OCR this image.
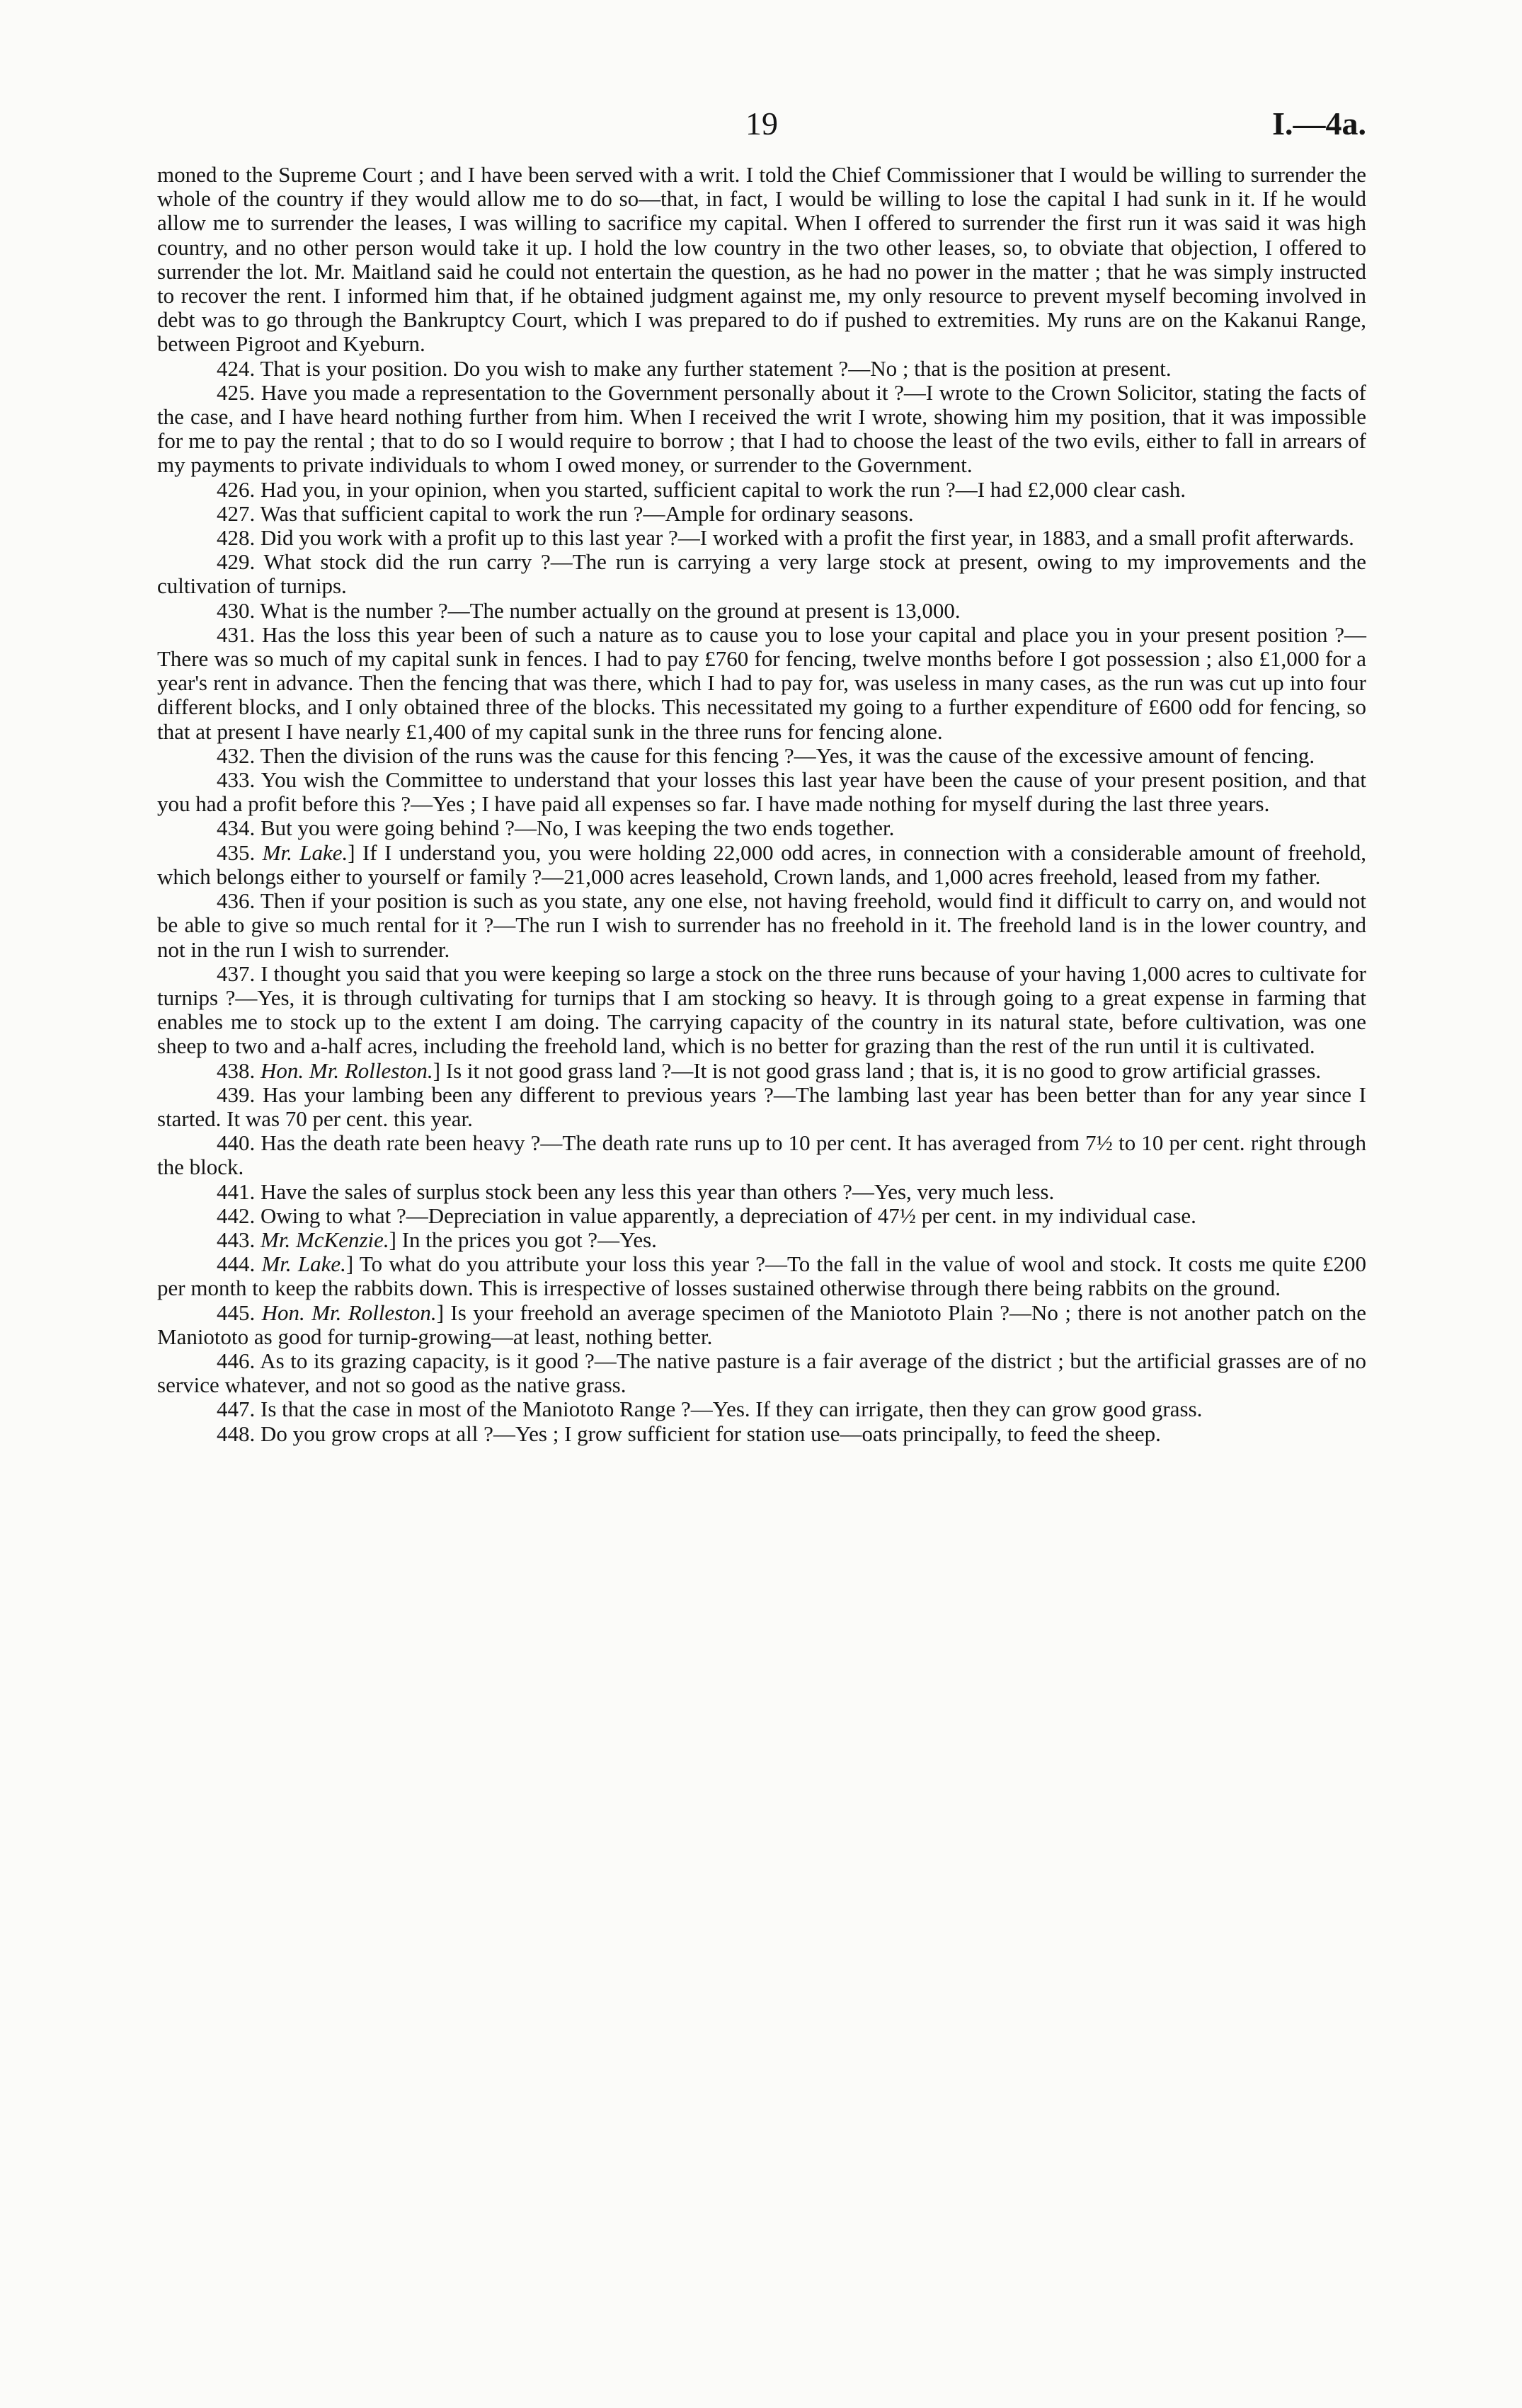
19	I.—4a.

moned to the Supreme Court ; and I have been served with a writ. I told the Chief Commissioner that I would be willing to surrender the whole of the country if they would allow me to do so—that, in fact, I would be willing to lose the capital I had sunk in it. If he would allow me to surrender the leases, I was willing to sacrifice my capital. When I offered to surrender the first run it was said it was high country, and no other person would take it up. I hold the low country in the two other leases, so, to obviate that objection, I offered to surrender the lot. Mr. Maitland said he could not entertain the question, as he had no power in the matter ; that he was simply instructed to recover the rent. I informed him that, if he obtained judgment against me, my only resource to prevent myself becoming involved in debt was to go through the Bankruptcy Court, which I was prepared to do if pushed to extremities. My runs are on the Kakanui Range, between Pigroot and Kyeburn.

424. That is your position. Do you wish to make any further statement ?—No ; that is the position at present.

425. Have you made a representation to the Government personally about it ?—I wrote to the Crown Solicitor, stating the facts of the case, and I have heard nothing further from him. When I received the writ I wrote, showing him my position, that it was impossible for me to pay the rental ; that to do so I would require to borrow ; that I had to choose the least of the two evils, either to fall in arrears of my payments to private individuals to whom I owed money, or surrender to the Government.

426. Had you, in your opinion, when you started, sufficient capital to work the run ?—I had £2,000 clear cash.

427. Was that sufficient capital to work the run ?—Ample for ordinary seasons.

428. Did you work with a profit up to this last year ?—I worked with a profit the first year, in 1883, and a small profit afterwards.

429. What stock did the run carry ?—The run is carrying a very large stock at present, owing to my improvements and the cultivation of turnips.

430. What is the number ?—The number actually on the ground at present is 13,000.

431. Has the loss this year been of such a nature as to cause you to lose your capital and place you in your present position ?—There was so much of my capital sunk in fences. I had to pay £760 for fencing, twelve months before I got possession ; also £1,000 for a year's rent in advance. Then the fencing that was there, which I had to pay for, was useless in many cases, as the run was cut up into four different blocks, and I only obtained three of the blocks. This necessitated my going to a further expenditure of £600 odd for fencing, so that at present I have nearly £1,400 of my capital sunk in the three runs for fencing alone.

432. Then the division of the runs was the cause for this fencing ?—Yes, it was the cause of the excessive amount of fencing.

433. You wish the Committee to understand that your losses this last year have been the cause of your present position, and that you had a profit before this ?—Yes ; I have paid all expenses so far. I have made nothing for myself during the last three years.

434. But you were going behind ?—No, I was keeping the two ends together.

435. Mr. Lake.] If I understand you, you were holding 22,000 odd acres, in connection with a considerable amount of freehold, which belongs either to yourself or family ?—21,000 acres leasehold, Crown lands, and 1,000 acres freehold, leased from my father.

436. Then if your position is such as you state, any one else, not having freehold, would find it difficult to carry on, and would not be able to give so much rental for it ?—The run I wish to surrender has no freehold in it. The freehold land is in the lower country, and not in the run I wish to surrender.

437. I thought you said that you were keeping so large a stock on the three runs because of your having 1,000 acres to cultivate for turnips ?—Yes, it is through cultivating for turnips that I am stocking so heavy. It is through going to a great expense in farming that enables me to stock up to the extent I am doing. The carrying capacity of the country in its natural state, before cultivation, was one sheep to two and a-half acres, including the freehold land, which is no better for grazing than the rest of the run until it is cultivated.

438. Hon. Mr. Rolleston.] Is it not good grass land ?—It is not good grass land ; that is, it is no good to grow artificial grasses.

439. Has your lambing been any different to previous years ?—The lambing last year has been better than for any year since I started. It was 70 per cent. this year.

440. Has the death rate been heavy ?—The death rate runs up to 10 per cent. It has averaged from 7½ to 10 per cent. right through the block.

441. Have the sales of surplus stock been any less this year than others ?—Yes, very much less.

442. Owing to what ?—Depreciation in value apparently, a depreciation of 47½ per cent. in my individual case.

443. Mr. McKenzie.] In the prices you got ?—Yes.

444. Mr. Lake.] To what do you attribute your loss this year ?—To the fall in the value of wool and stock. It costs me quite £200 per month to keep the rabbits down. This is irrespective of losses sustained otherwise through there being rabbits on the ground.

445. Hon. Mr. Rolleston.] Is your freehold an average specimen of the Maniototo Plain ?—No ; there is not another patch on the Maniototo as good for turnip-growing—at least, nothing better.

446. As to its grazing capacity, is it good ?—The native pasture is a fair average of the district ; but the artificial grasses are of no service whatever, and not so good as the native grass.

447. Is that the case in most of the Maniototo Range ?—Yes. If they can irrigate, then they can grow good grass.

448. Do you grow crops at all ?—Yes ; I grow sufficient for station use—oats principally, to feed the sheep.
